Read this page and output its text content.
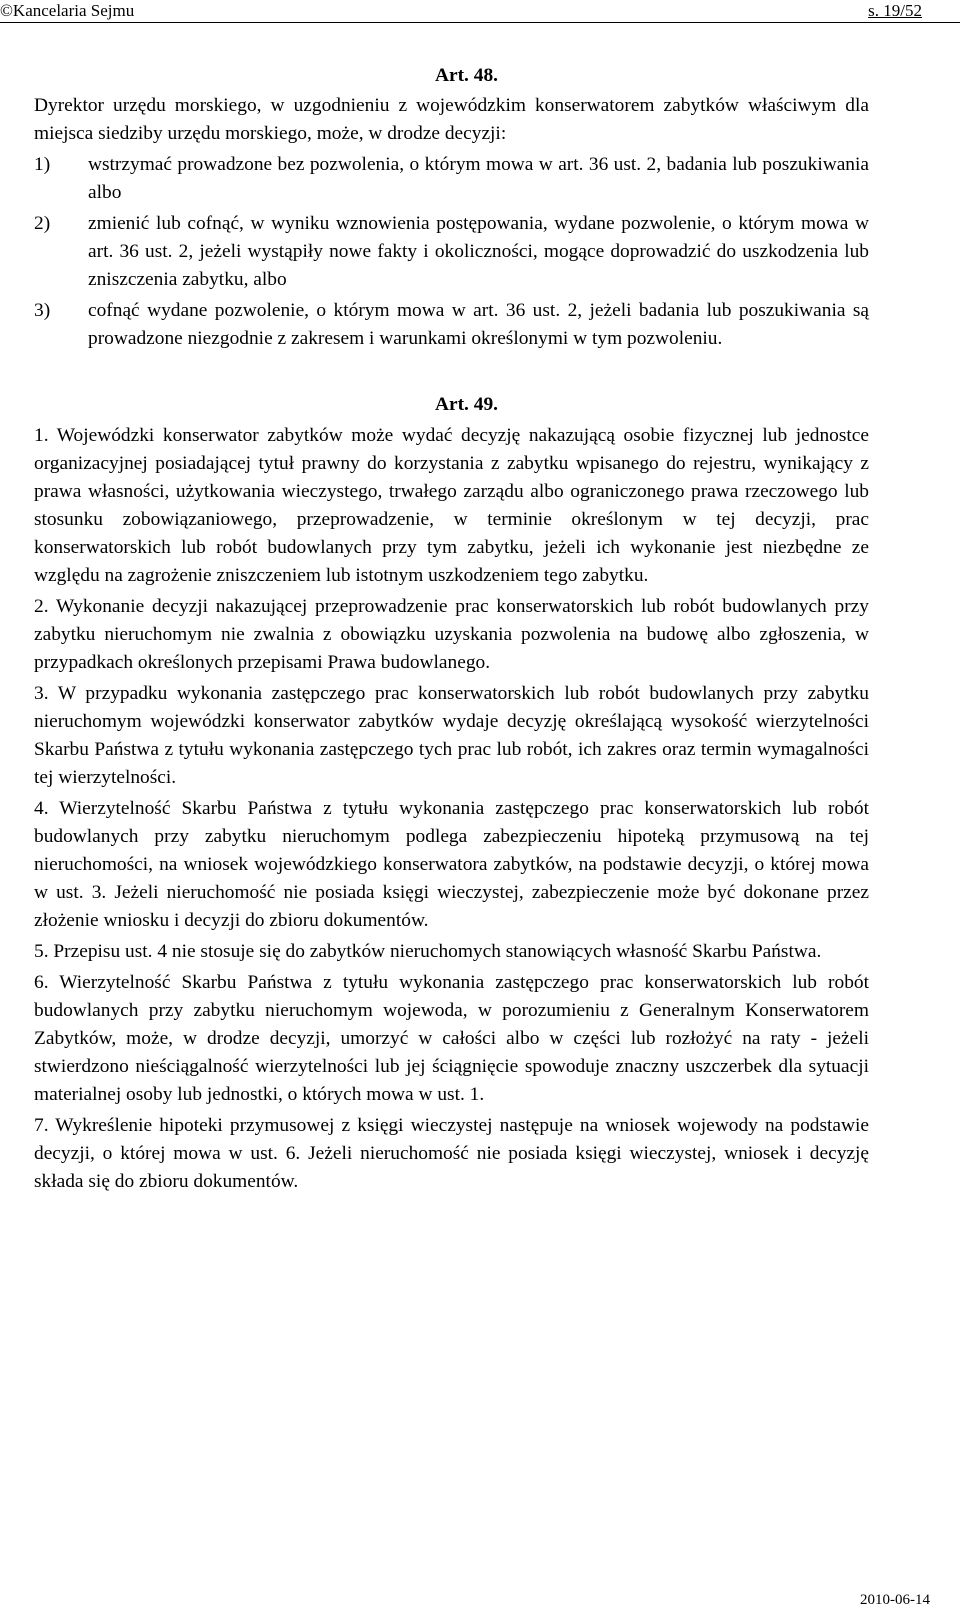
©Kancelaria Sejmu	s. 19/52

Art. 48.

Dyrektor urzędu morskiego, w uzgodnieniu z wojewódzkim konserwatorem zabytków właściwym dla miejsca siedziby urzędu morskiego, może, w drodze decyzji:

1) wstrzymać prowadzone bez pozwolenia, o którym mowa w art. 36 ust. 2, badania lub poszukiwania albo
2) zmienić lub cofnąć, w wyniku wznowienia postępowania, wydane pozwolenie, o którym mowa w art. 36 ust. 2, jeżeli wystąpiły nowe fakty i okoliczności, mogące doprowadzić do uszkodzenia lub zniszczenia zabytku, albo
3) cofnąć wydane pozwolenie, o którym mowa w art. 36 ust. 2, jeżeli badania lub poszukiwania są prowadzone niezgodnie z zakresem i warunkami określonymi w tym pozwoleniu.

Art. 49.

1. Wojewódzki konserwator zabytków może wydać decyzję nakazującą osobie fizycznej lub jednostce organizacyjnej posiadającej tytuł prawny do korzystania z zabytku wpisanego do rejestru, wynikający z prawa własności, użytkowania wieczystego, trwałego zarządu albo ograniczonego prawa rzeczowego lub stosunku zobowiązaniowego, przeprowadzenie, w terminie określonym w tej decyzji, prac konserwatorskich lub robót budowlanych przy tym zabytku, jeżeli ich wykonanie jest niezbędne ze względu na zagrożenie zniszczeniem lub istotnym uszkodzeniem tego zabytku.

2. Wykonanie decyzji nakazującej przeprowadzenie prac konserwatorskich lub robót budowlanych przy zabytku nieruchomym nie zwalnia z obowiązku uzyskania pozwolenia na budowę albo zgłoszenia, w przypadkach określonych przepisami Prawa budowlanego.

3. W przypadku wykonania zastępczego prac konserwatorskich lub robót budowlanych przy zabytku nieruchomym wojewódzki konserwator zabytków wydaje decyzję określającą wysokość wierzytelności Skarbu Państwa z tytułu wykonania zastępczego tych prac lub robót, ich zakres oraz termin wymagalności tej wierzytelności.

4. Wierzytelność Skarbu Państwa z tytułu wykonania zastępczego prac konserwatorskich lub robót budowlanych przy zabytku nieruchomym podlega zabezpieczeniu hipoteką przymusową na tej nieruchomości, na wniosek wojewódzkiego konserwatora zabytków, na podstawie decyzji, o której mowa w ust. 3. Jeżeli nieruchomość nie posiada księgi wieczystej, zabezpieczenie może być dokonane przez złożenie wniosku i decyzji do zbioru dokumentów.

5. Przepisu ust. 4 nie stosuje się do zabytków nieruchomych stanowiących własność Skarbu Państwa.

6. Wierzytelność Skarbu Państwa z tytułu wykonania zastępczego prac konserwatorskich lub robót budowlanych przy zabytku nieruchomym wojewoda, w porozumieniu z Generalnym Konserwatorem Zabytków, może, w drodze decyzji, umorzyć w całości albo w części lub rozłożyć na raty - jeżeli stwierdzono nieściągalność wierzytelności lub jej ściągnięcie spowoduje znaczny uszczerbek dla sytuacji materialnej osoby lub jednostki, o których mowa w ust. 1.

7. Wykreślenie hipoteki przymusowej z księgi wieczystej następuje na wniosek wojewody na podstawie decyzji, o której mowa w ust. 6. Jeżeli nieruchomość nie posiada księgi wieczystej, wniosek i decyzję składa się do zbioru dokumentów.

2010-06-14
